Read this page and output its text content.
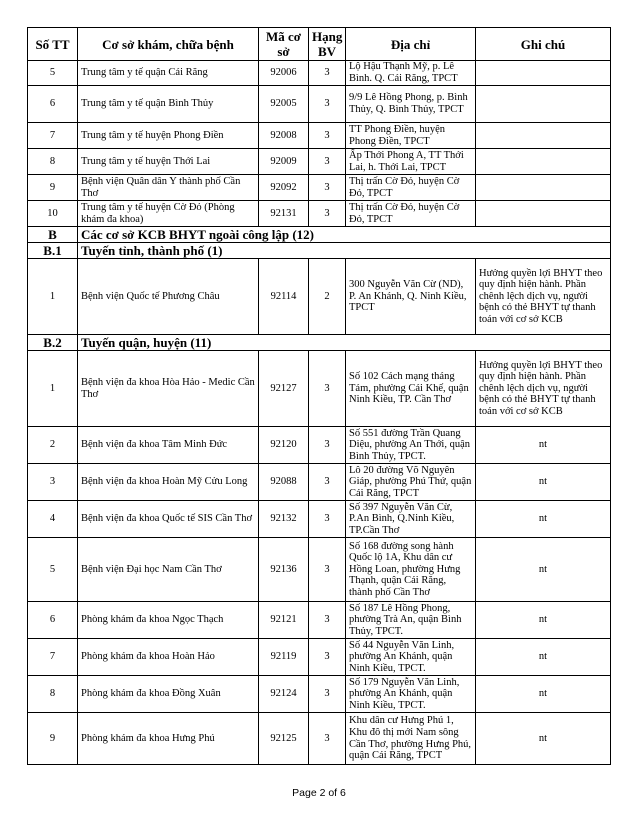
Số TT	Cơ sở khám, chữa bệnh	Mã cơ sở	Hạng BV	Địa chỉ	Ghi chú
5	Trung tâm y tế quận Cái Răng	92006	3	Lộ Hậu Thạnh Mỹ, p. Lê Bình. Q. Cái Răng, TPCT	
6	Trung tâm y tế quận Bình Thủy	92005	3	9/9 Lê Hồng Phong, p. Bình Thủy, Q. Bình Thủy, TPCT	
7	Trung tâm y tế huyện Phong Điền	92008	3	TT Phong Điền, huyện Phong Điền, TPCT	
8	Trung tâm y tế huyện Thới Lai	92009	3	Ấp Thới Phong A, TT Thới Lai, h. Thới Lai, TPCT	
9	Bệnh viện Quân dân Y thành phố Cần Thơ	92092	3	Thị trấn Cờ Đỏ, huyện Cờ Đỏ, TPCT	
10	Trung tâm y tế huyện Cờ Đỏ (Phòng khám đa khoa)	92131	3	Thị trấn Cờ Đỏ, huyện Cờ Đỏ, TPCT	
B	Các cơ sở KCB BHYT ngoài công lập (12)				
B.1	Tuyến tỉnh, thành phố (1)				
1	Bệnh viện Quốc tế Phương Châu	92114	2	300 Nguyễn Văn Cừ (ND), P. An Khánh, Q. Ninh Kiều, TPCT	Hưởng quyền lợi BHYT theo quy định hiện hành. Phần chênh lệch dịch vụ, người bệnh có thẻ BHYT tự thanh toán với cơ sở KCB
B.2	Tuyến quận, huyện (11)				
1	Bệnh viện đa khoa Hòa Hảo - Medic Cần Thơ	92127	3	Số 102 Cách mạng tháng Tám, phường Cái Khế, quận Ninh Kiều, TP. Cần Thơ	Hưởng quyền lợi BHYT theo quy định hiện hành. Phần chênh lệch dịch vụ, người bệnh có thẻ BHYT tự thanh toán với cơ sở KCB
2	Bệnh viện đa khoa Tâm Minh Đức	92120	3	Số 551 đường Trần Quang Diệu, phường An Thới, quận Bình Thủy, TPCT.	nt
3	Bệnh viện đa khoa Hoàn Mỹ Cửu Long	92088	3	Lô 20 đường Võ Nguyên Giáp, phường Phú Thứ, quận Cái Răng, TPCT	nt
4	Bệnh viện đa khoa Quốc tế SIS Cần Thơ	92132	3	Số 397 Nguyễn Văn Cừ, P.An Bình, Q.Ninh Kiều, TP.Cần Thơ	nt
5	Bệnh viện Đại học Nam Cần Thơ	92136	3	Số 168 đường song hành Quốc lộ 1A, Khu dân cư Hồng Loan, phường Hưng Thạnh, quận Cái Răng, thành phố Cần Thơ	nt
6	Phòng khám đa khoa Ngọc Thạch	92121	3	Số 187 Lê Hồng Phong, phường Trà An, quận Bình Thủy, TPCT.	nt
7	Phòng khám đa khoa Hoàn Hảo	92119	3	Số 44 Nguyễn Văn Linh, phường An Khánh, quận Ninh Kiều, TPCT.	nt
8	Phòng khám đa khoa Đồng Xuân	92124	3	Số 179 Nguyễn Văn Linh, phường An Khánh, quận Ninh Kiều, TPCT.	nt
9	Phòng khám đa khoa Hưng Phú	92125	3	Khu dân cư Hưng Phú 1, Khu đô thị mới Nam sông Cần Thơ, phường Hưng Phú, quận Cái Răng, TPCT	nt
Page 2 of 6
